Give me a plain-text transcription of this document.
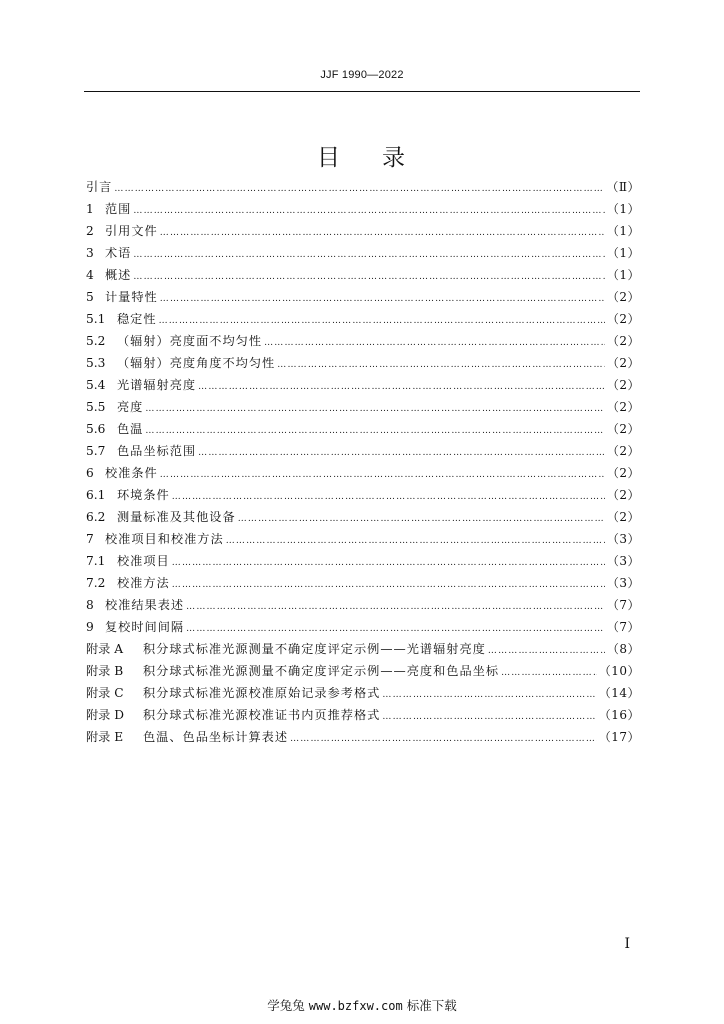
JJF 1990—2022
目 录
引言 ………………………………………………………………………………………………………………………………………………………………	（Ⅱ）
1 范围 ………………………………………………………………………………………………………………………………………………………………	（1）
2 引用文件 ………………………………………………………………………………………………………………………………………………………………	（1）
3 术语 ………………………………………………………………………………………………………………………………………………………………	（1）
4 概述 ………………………………………………………………………………………………………………………………………………………………	（1）
5 计量特性 ………………………………………………………………………………………………………………………………………………………………	（2）
5.1 稳定性 ………………………………………………………………………………………………………………………………………………………………	（2）
5.2 （辐射）亮度面不均匀性 ………………………………………………………………………………………………………………………………………………………………	（2）
5.3 （辐射）亮度角度不均匀性 ………………………………………………………………………………………………………………………………………………………………	（2）
5.4 光谱辐射亮度 ………………………………………………………………………………………………………………………………………………………………	（2）
5.5 亮度 ………………………………………………………………………………………………………………………………………………………………	（2）
5.6 色温 ………………………………………………………………………………………………………………………………………………………………	（2）
5.7 色品坐标范围 ………………………………………………………………………………………………………………………………………………………………	（2）
6 校准条件 ………………………………………………………………………………………………………………………………………………………………	（2）
6.1 环境条件 ………………………………………………………………………………………………………………………………………………………………	（2）
6.2 测量标准及其他设备 ………………………………………………………………………………………………………………………………………………………………	（2）
7 校准项目和校准方法 ………………………………………………………………………………………………………………………………………………………………	（3）
7.1 校准项目 ………………………………………………………………………………………………………………………………………………………………	（3）
7.2 校准方法 ………………………………………………………………………………………………………………………………………………………………	（3）
8 校准结果表述 ………………………………………………………………………………………………………………………………………………………………	（7）
9 复校时间间隔 ………………………………………………………………………………………………………………………………………………………………	（7）
附录 A	积分球式标准光源测量不确定度评定示例——光谱辐射亮度 ………………………………………………………………………………………………………………………………………………………………	（8）
附录 B	积分球式标准光源测量不确定度评定示例——亮度和色品坐标 ………………………………………………………………………………………………………………………………………………………………	（10）
附录 C	积分球式标准光源校准原始记录参考格式 ………………………………………………………………………………………………………………………………………………………………	（14）
附录 D	积分球式标准光源校准证书内页推荐格式 ………………………………………………………………………………………………………………………………………………………………	（16）
附录 E	色温、色品坐标计算表述 ………………………………………………………………………………………………………………………………………………………………	（17）
I
学兔兔 www.bzfxw.com 标准下载
